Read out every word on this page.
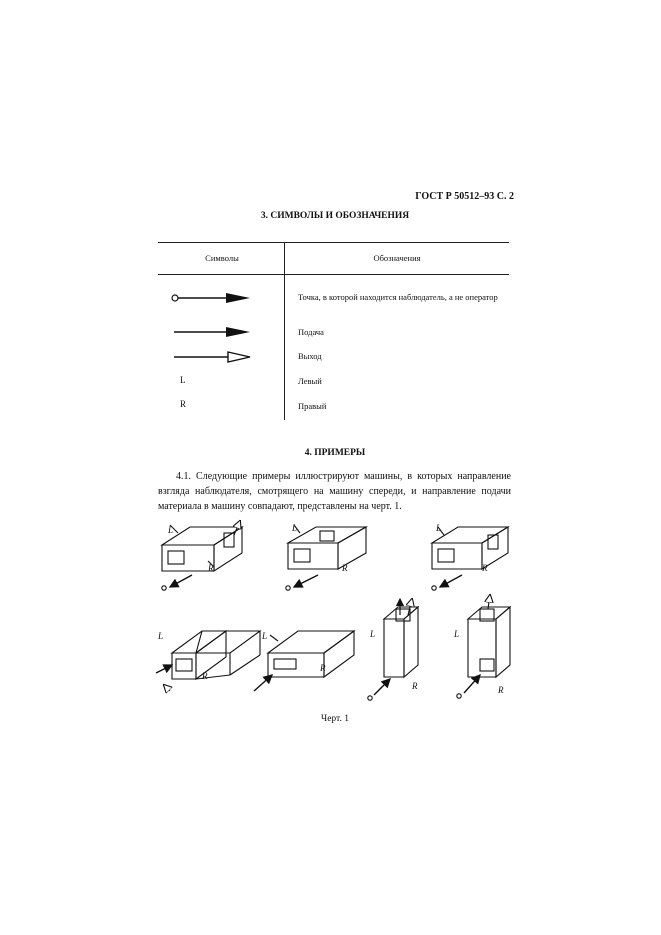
ГОСТ Р 50512–93 С. 2
3. СИМВОЛЫ И ОБОЗНАЧЕНИЯ
Символы	Обозначения
Точка, в которой находится наблюдатель, а не оператор
Подача
Выход
L	Левый
R	Правый
4. ПРИМЕРЫ

4.1. Следующие примеры иллюстрируют машины, в которых направление взгляда наблюдателя, смотрящего на машину спереди, и направление подачи материала в машину совпадают, представлены на черт. 1.

L
R
L
R
L
R
L
R
L
R
L
R
L
R
Черт. 1
